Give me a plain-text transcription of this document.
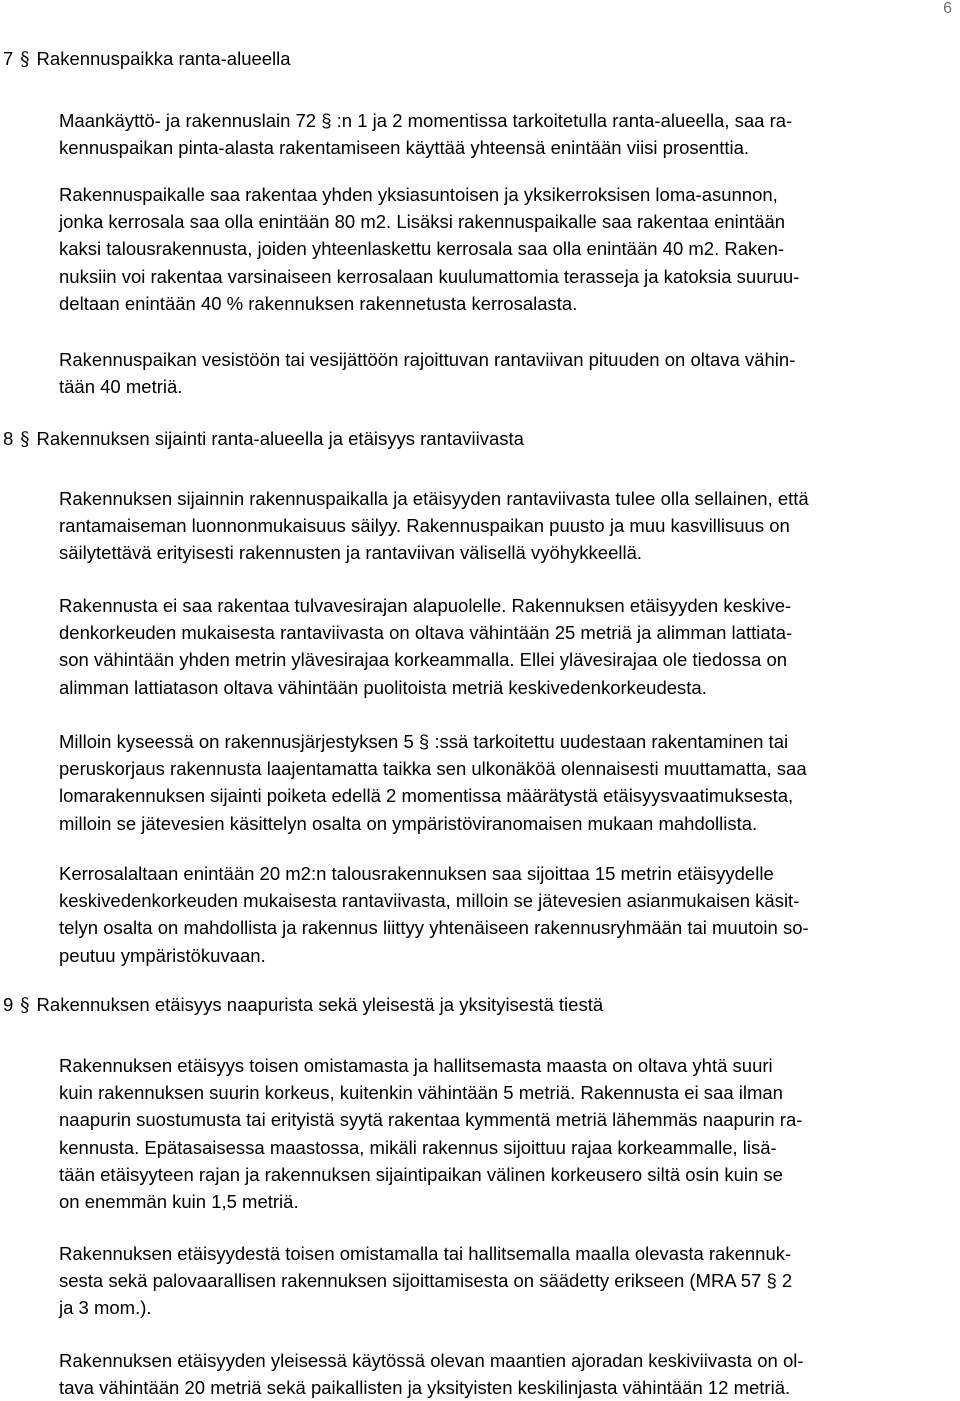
6
7 § Rakennuspaikka ranta-alueella
Maankäyttö- ja rakennuslain 72 § :n 1 ja 2 momentissa tarkoitetulla ranta-alueella, saa ra-
kennuspaikan pinta-alasta rakentamiseen käyttää yhteensä enintään viisi prosenttia.
Rakennuspaikalle saa rakentaa yhden yksiasuntoisen ja yksikerroksisen loma-asunnon,
jonka kerrosala saa olla enintään 80 m2. Lisäksi rakennuspaikalle saa rakentaa enintään
kaksi talousrakennusta, joiden yhteenlaskettu kerrosala saa olla enintään 40 m2. Raken-
nuksiin voi rakentaa varsinaiseen kerrosalaan kuulumattomia terasseja ja katoksia suuruu-
deltaan enintään 40 % rakennuksen rakennetusta kerrosalasta.
Rakennuspaikan vesistöön tai vesijättöön rajoittuvan rantaviivan pituuden on oltava vähin-
tään 40 metriä.
8 § Rakennuksen sijainti ranta-alueella ja etäisyys rantaviivasta
Rakennuksen sijainnin rakennuspaikalla ja etäisyyden rantaviivasta tulee olla sellainen, että
rantamaiseman luonnonmukaisuus säilyy. Rakennuspaikan puusto ja muu kasvillisuus on
säilytettävä erityisesti rakennusten ja rantaviivan välisellä vyöhykkeellä.
Rakennusta ei saa rakentaa tulvavesirajan alapuolelle. Rakennuksen etäisyyden keskive-
denkorkeuden mukaisesta rantaviivasta on oltava vähintään 25 metriä ja alimman lattiata-
son vähintään yhden metrin ylävesirajaa korkeammalla. Ellei ylävesirajaa ole tiedossa on
alimman lattiatason oltava vähintään puolitoista metriä keskivedenkorkeudesta.
Milloin kyseessä on rakennusjärjestyksen 5 § :ssä tarkoitettu uudestaan rakentaminen tai
peruskorjaus rakennusta laajentamatta taikka sen ulkonäköä olennaisesti muuttamatta, saa
lomarakennuksen sijainti poiketa edellä 2 momentissa määrätystä etäisyysvaatimuksesta,
milloin se jätevesien käsittelyn osalta on ympäristöviranomaisen mukaan mahdollista.
Kerrosalaltaan enintään 20 m2:n talousrakennuksen saa sijoittaa 15 metrin etäisyydelle
keskivedenkorkeuden mukaisesta rantaviivasta, milloin se jätevesien asianmukaisen käsit-
telyn osalta on mahdollista ja rakennus liittyy yhtenäiseen rakennusryhmään tai muutoin so-
peutuu ympäristökuvaan.
9 § Rakennuksen etäisyys naapurista sekä yleisestä ja yksityisestä tiestä
Rakennuksen etäisyys toisen omistamasta ja hallitsemasta maasta on oltava yhtä suuri
kuin rakennuksen suurin korkeus, kuitenkin vähintään 5 metriä. Rakennusta ei saa ilman
naapurin suostumusta tai erityistä syytä rakentaa kymmentä metriä lähemmäs naapurin ra-
kennusta. Epätasaisessa maastossa, mikäli rakennus sijoittuu rajaa korkeammalle, lisä-
tään etäisyyteen rajan ja rakennuksen sijaintipaikan välinen korkeusero siltä osin kuin se
on enemmän kuin 1,5 metriä.
Rakennuksen etäisyydestä toisen omistamalla tai hallitsemalla maalla olevasta rakennuk-
sesta sekä palovaarallisen rakennuksen sijoittamisesta on säädetty erikseen (MRA 57 § 2
ja 3 mom.).
Rakennuksen etäisyyden yleisessä käytössä olevan maantien ajoradan keskiviivasta on ol-
tava vähintään 20 metriä sekä paikallisten ja yksityisten keskilinjasta vähintään 12 metriä.
